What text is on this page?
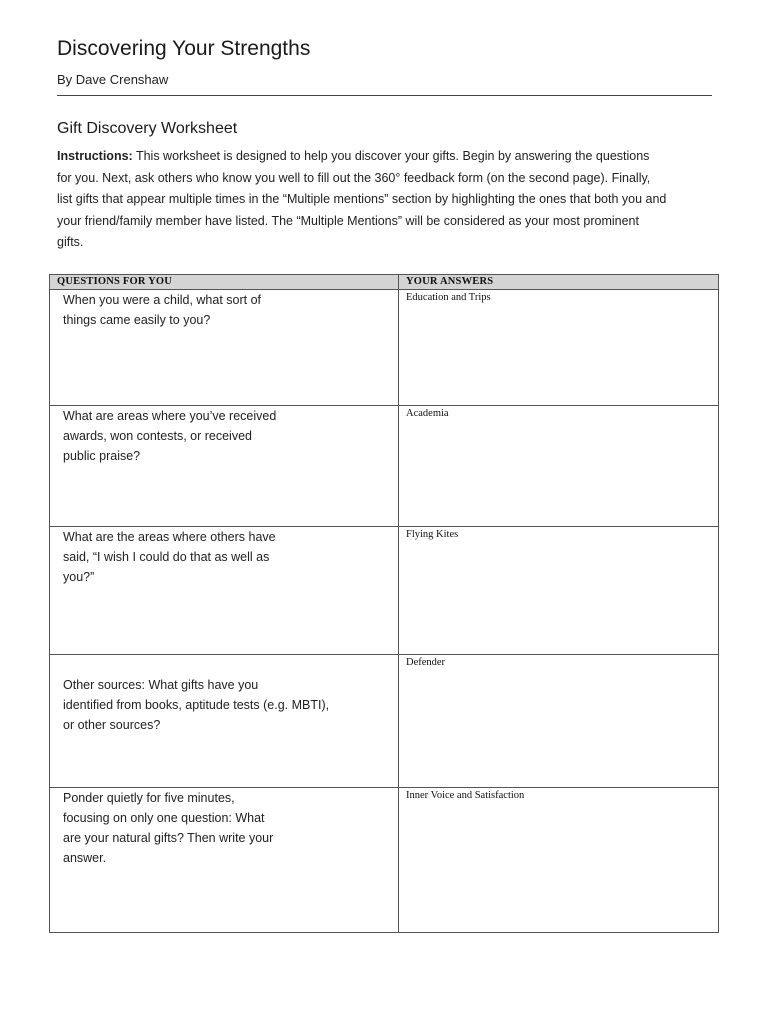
Discovering Your Strengths
By Dave Crenshaw
Gift Discovery Worksheet

Instructions: This worksheet is designed to help you discover your gifts. Begin by answering the questions for you. Next, ask others who know you well to fill out the 360° feedback form (on the second page). Finally, list gifts that appear multiple times in the “Multiple mentions” section by highlighting the ones that both you and your friend/family member have listed. The “Multiple Mentions” will be considered as your most prominent gifts.

QUESTIONS FOR YOU	YOUR ANSWERS

When you were a child, what sort of
things came easily to you?	Education and Trips

What are areas where you’ve received
awards, won contests, or received
public praise?	Academia

What are the areas where others have
said, “I wish I could do that as well as
you?”	Flying Kites

Other sources: What gifts have you
identified from books, aptitude tests (e.g. MBTI),
or other sources?	Defender

Ponder quietly for five minutes,
focusing on only one question: What
are your natural gifts? Then write your
answer.	Inner Voice and Satisfaction
